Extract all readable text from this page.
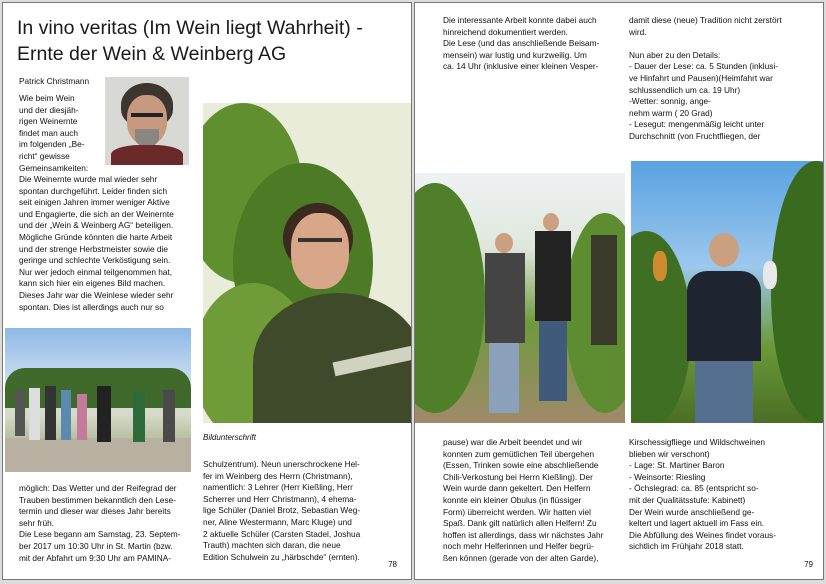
In vino veritas (Im Wein liegt Wahrheit) - Ernte der Wein & Weinberg AG
Patrick Christmann

Wie beim Wein
und der diesjäh-
rigen Weinernte
findet man auch
im folgenden „Be-
richt“ gewisse
Gemeinsamkeiten:

Die Weinernte wurde mal wieder sehr
spontan durchgeführt. Leider finden sich
seit einigen Jahren immer weniger Aktive
und Engagierte, die sich an der Weinernte
und der „Wein & Weinberg AG“ beteiligen.
Mögliche Gründe könnten die harte Arbeit
und der strenge Herbstmeister sowie die
geringe und schlechte Verköstigung sein.
Nur wer jedoch einmal teilgenommen hat,
kann sich hier ein eigenes Bild machen.
Dieses Jahr war die Weinlese wieder sehr
spontan. Dies ist allerdings auch nur so

möglich: Das Wetter und der Reifegrad der
Trauben bestimmen bekanntlich den Lese-
termin und dieser war dieses Jahr bereits
sehr früh.
Die Lese begann am Samstag, 23. Septem-
ber 2017 um 10:30 Uhr in St. Martin (bzw.
mit der Abfahrt um 9:30 Uhr am PAMINA-

Bildunterschrift

Schulzentrum). Neun unerschrockene Hel-
fer im Weinberg des Herrn (Christmann),
namentlich: 3 Lehrer (Herr Kießling, Herr
Scherrer und Herr Christmann), 4 ehema-
lige Schüler (Daniel Brotz, Sebastian Weg-
ner, Aline Westermann, Marc Kluge) und
2 aktuelle Schüler (Carsten Stadel, Joshua
Trauth) machten sich daran, die neue
Edition Schulwein zu „härbschde“ (ernten).

78

Die interessante Arbeit konnte dabei auch
hinreichend dokumentiert werden.
Die Lese (und das anschließende Beisam-
mensein) war lustig und kurzweilig. Um
ca. 14 Uhr (inklusive einer kleinen Vesper-

damit diese (neue) Tradition nicht zerstört
wird.

Nun aber zu den Details:
- Dauer der Lese: ca. 5 Stunden (inklusi-
ve Hinfahrt und Pausen)(Heimfahrt war
schlussendlich um ca. 19 Uhr)
-Wetter: sonnig, ange-
nehm warm ( 20 Grad)
- Lesegut: mengenmäßig leicht unter
Durchschnitt (von Fruchtfliegen, der

pause) war die Arbeit beendet und wir
konnten zum gemütlichen Teil übergehen
(Essen, Trinken sowie eine abschließende
Chili-Verkostung bei Herrn Kießling). Der
Wein wurde dann gekeltert. Den Helfern
konnte ein kleiner Obulus (in flüssiger
Form) überreicht werden. Wir hatten viel
Spaß. Dank gilt natürlich allen Helfern! Zu
hoffen ist allerdings, dass wir nächstes Jahr
noch mehr Helferinnen und Helfer begrü-
ßen können (gerade von der alten Garde),

Kirschessigfliege und Wildschweinen
blieben wir verschont)
- Lage: St. Martiner Baron
- Weinsorte: Riesling
- Öchslegrad: ca. 85 (entspricht so-
mit der Qualitätsstufe: Kabinett)
Der Wein wurde anschließend ge-
keltert und lagert aktuell im Fass ein.
Die Abfüllung des Weines findet voraus-
sichtlich im Frühjahr 2018 statt.

79
